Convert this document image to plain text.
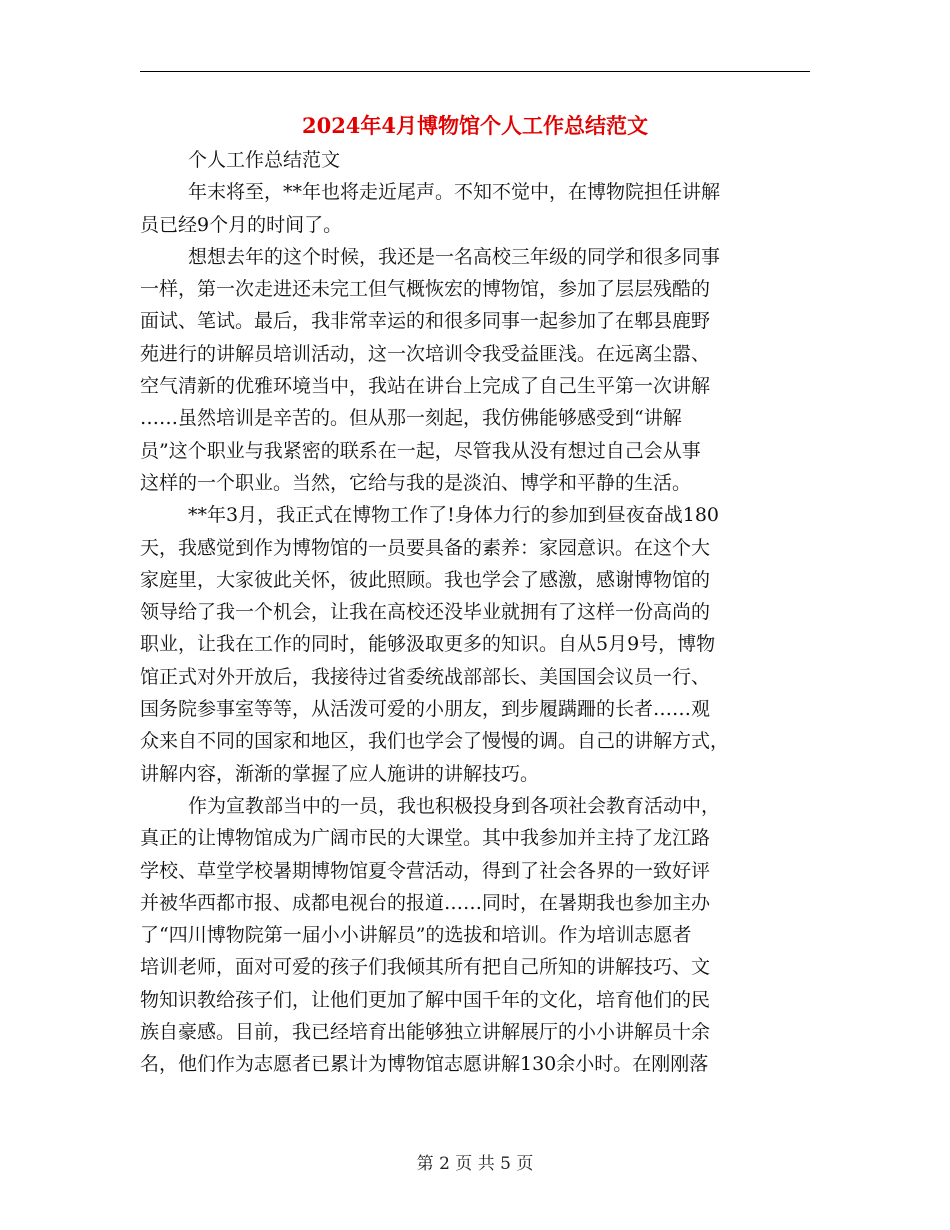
2024年4月博物馆个人工作总结范文
个人工作总结范文
年末将至，**年也将走近尾声。不知不觉中，在博物院担任讲解
员已经9个月的时间了。
想想去年的这个时候，我还是一名高校三年级的同学和很多同事
一样，第一次走进还未完工但气概恢宏的博物馆，参加了层层残酷的
面试、笔试。最后，我非常幸运的和很多同事一起参加了在郫县鹿野
苑进行的讲解员培训活动，这一次培训令我受益匪浅。在远离尘嚣、
空气清新的优雅环境当中，我站在讲台上完成了自己生平第一次讲解
……虽然培训是辛苦的。但从那一刻起，我仿佛能够感受到“讲解
员”这个职业与我紧密的联系在一起，尽管我从没有想过自己会从事
这样的一个职业。当然，它给与我的是淡泊、博学和平静的生活。
**年3月，我正式在博物工作了!身体力行的参加到昼夜奋战180
天，我感觉到作为博物馆的一员要具备的素养：家园意识。在这个大
家庭里，大家彼此关怀，彼此照顾。我也学会了感激，感谢博物馆的
领导给了我一个机会，让我在高校还没毕业就拥有了这样一份高尚的
职业，让我在工作的同时，能够汲取更多的知识。自从5月9号，博物
馆正式对外开放后，我接待过省委统战部部长、美国国会议员一行、
国务院参事室等等，从活泼可爱的小朋友，到步履蹒跚的长者……观
众来自不同的国家和地区，我们也学会了慢慢的调。自己的讲解方式，
讲解内容，渐渐的掌握了应人施讲的讲解技巧。
作为宣教部当中的一员，我也积极投身到各项社会教育活动中，
真正的让博物馆成为广阔市民的大课堂。其中我参加并主持了龙江路
学校、草堂学校暑期博物馆夏令营活动，得到了社会各界的一致好评
并被华西都市报、成都电视台的报道……同时，在暑期我也参加主办
了“四川博物院第一届小小讲解员”的选拔和培训。作为培训志愿者
培训老师，面对可爱的孩子们我倾其所有把自己所知的讲解技巧、文
物知识教给孩子们，让他们更加了解中国千年的文化，培育他们的民
族自豪感。目前，我已经培育出能够独立讲解展厅的小小讲解员十余
名，他们作为志愿者已累计为博物馆志愿讲解130余小时。在刚刚落
第 2 页 共 5 页
